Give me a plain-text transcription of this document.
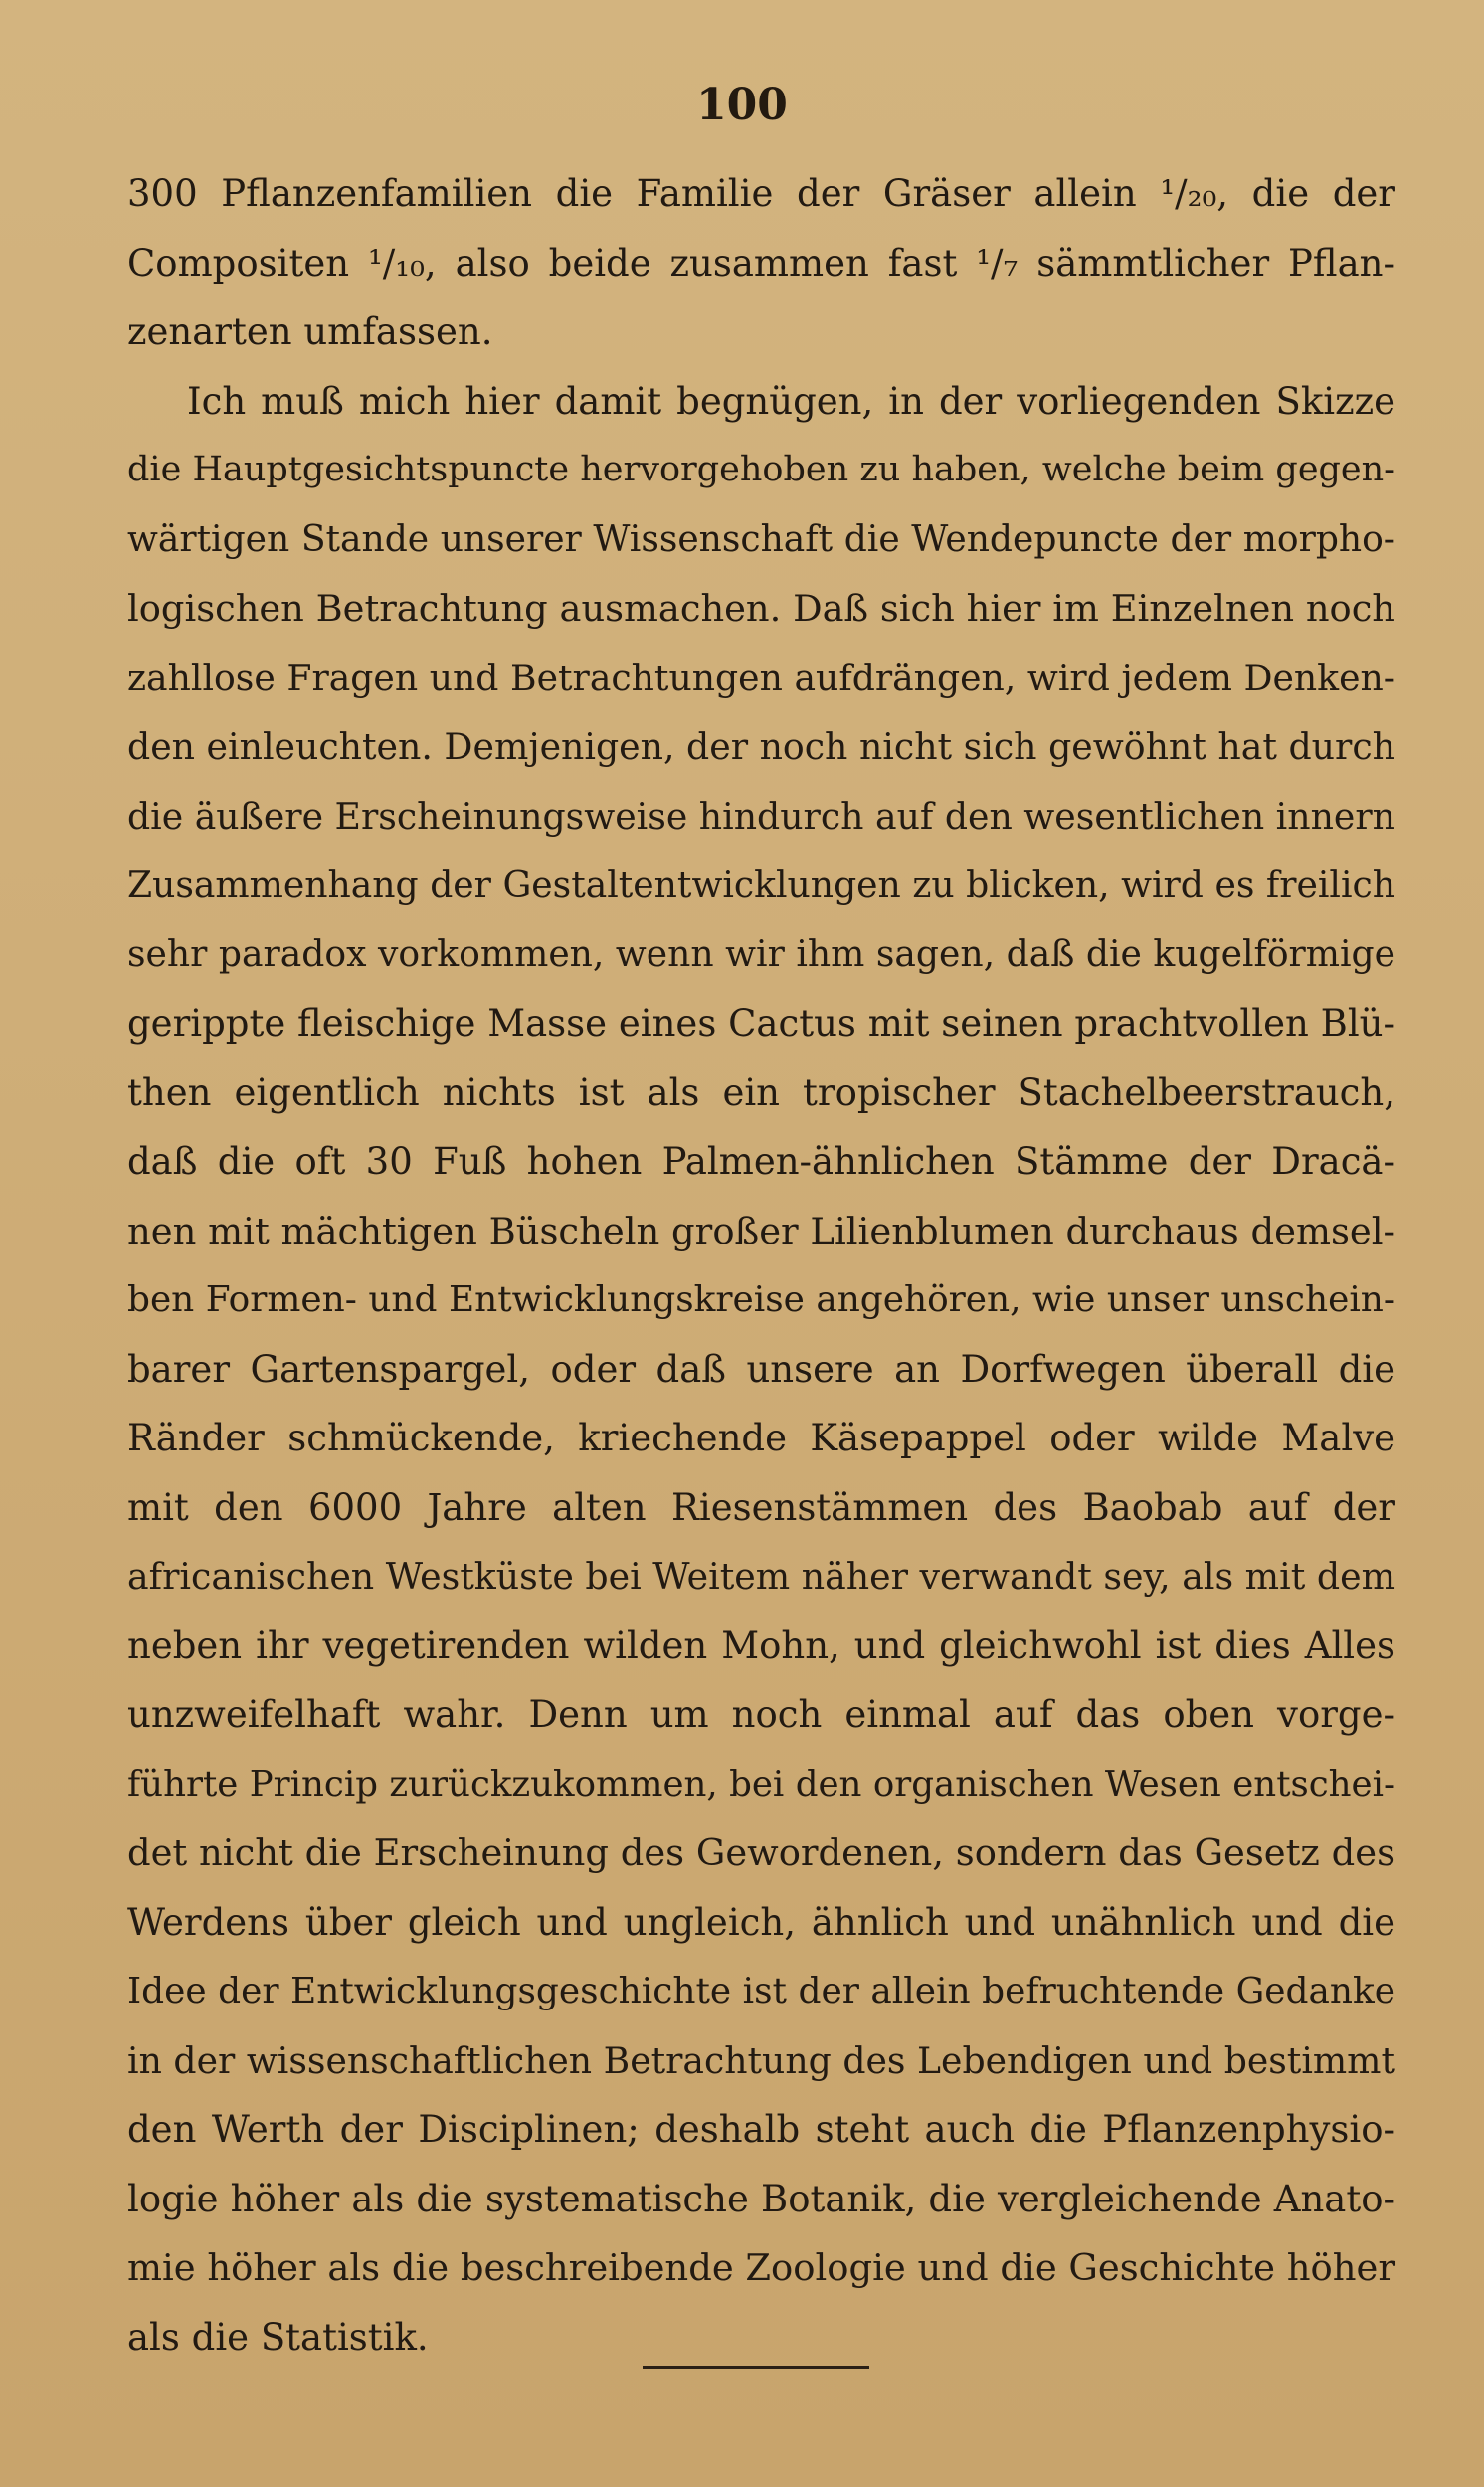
100
300 Pflanzenfamilien die Familie der Gräser allein ¹/₂₀, die der
Compositen ¹/₁₀, also beide zusammen fast ¹/₇ sämmtlicher Pflan-
zenarten umfassen.
Ich muß mich hier damit begnügen, in der vorliegenden Skizze
die Hauptgesichtspuncte hervorgehoben zu haben, welche beim gegen-
wärtigen Stande unserer Wissenschaft die Wendepuncte der morpho-
logischen Betrachtung ausmachen. Daß sich hier im Einzelnen noch
zahllose Fragen und Betrachtungen aufdrängen, wird jedem Denken-
den einleuchten. Demjenigen, der noch nicht sich gewöhnt hat durch
die äußere Erscheinungsweise hindurch auf den wesentlichen innern
Zusammenhang der Gestaltentwicklungen zu blicken, wird es freilich
sehr paradox vorkommen, wenn wir ihm sagen, daß die kugelförmige
gerippte fleischige Masse eines Cactus mit seinen prachtvollen Blü-
then eigentlich nichts ist als ein tropischer Stachelbeerstrauch,
daß die oft 30 Fuß hohen Palmen-ähnlichen Stämme der Dracä-
nen mit mächtigen Büscheln großer Lilienblumen durchaus demsel-
ben Formen- und Entwicklungskreise angehören, wie unser unschein-
barer Gartenspargel, oder daß unsere an Dorfwegen überall die
Ränder schmückende, kriechende Käsepappel oder wilde Malve
mit den 6000 Jahre alten Riesenstämmen des Baobab auf der
africanischen Westküste bei Weitem näher verwandt sey, als mit dem
neben ihr vegetirenden wilden Mohn, und gleichwohl ist dies Alles
unzweifelhaft wahr. Denn um noch einmal auf das oben vorge-
führte Princip zurückzukommen, bei den organischen Wesen entschei-
det nicht die Erscheinung des Gewordenen, sondern das Gesetz des
Werdens über gleich und ungleich, ähnlich und unähnlich und die
Idee der Entwicklungsgeschichte ist der allein befruchtende Gedanke
in der wissenschaftlichen Betrachtung des Lebendigen und bestimmt
den Werth der Disciplinen; deshalb steht auch die Pflanzenphysio-
logie höher als die systematische Botanik, die vergleichende Anato-
mie höher als die beschreibende Zoologie und die Geschichte höher
als die Statistik.
